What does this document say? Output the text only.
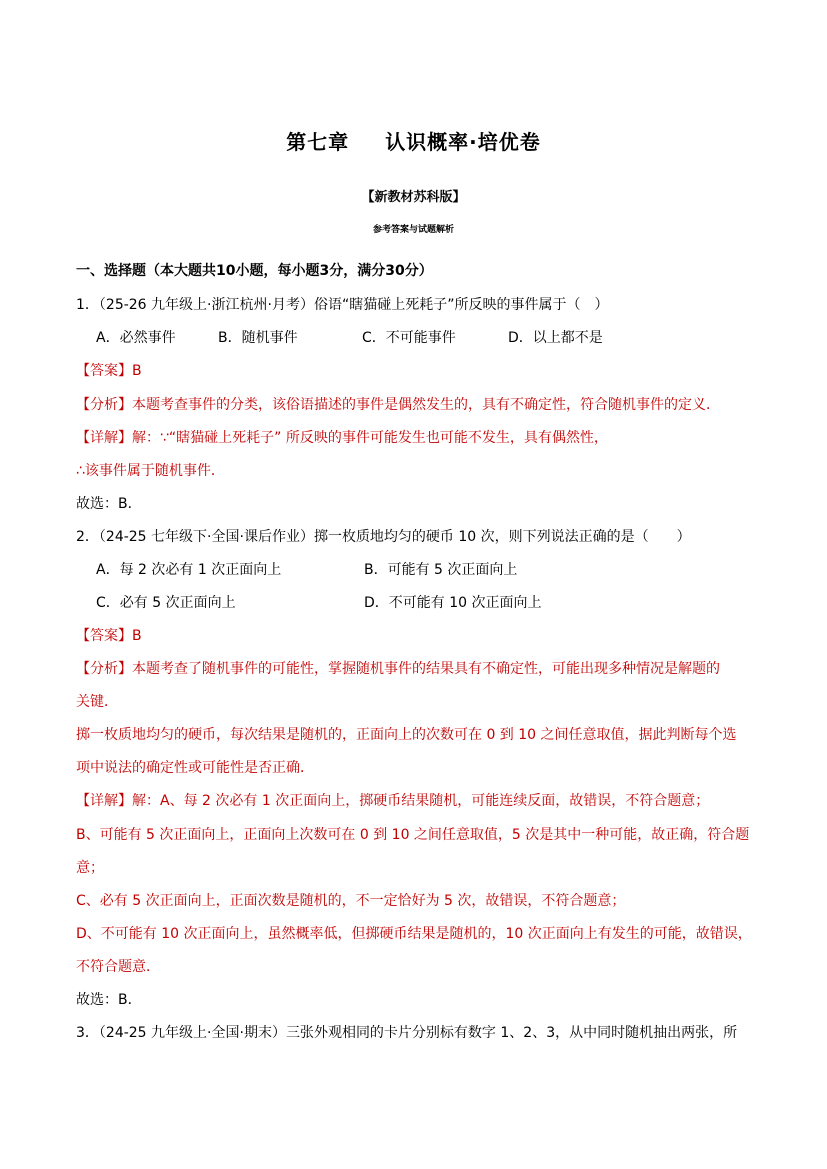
第七章 认识概率·培优卷
【新教材苏科版】
参考答案与试题解析
一、选择题（本大题共10小题，每小题3分，满分30分）
1．（25-26 九年级上·浙江杭州·月考）俗语“瞎猫碰上死耗子”所反映的事件属于（　）
A．必然事件	B．随机事件	C．不可能事件	D．以上都不是
【答案】B
【分析】本题考查事件的分类，该俗语描述的事件是偶然发生的，具有不确定性，符合随机事件的定义．
【详解】解：∵“瞎猫碰上死耗子” 所反映的事件可能发生也可能不发生，具有偶然性，
∴该事件属于随机事件．
故选：B．
2．（24-25 七年级下·全国·课后作业）掷一枚质地均匀的硬币 10 次，则下列说法正确的是（　　）
A．每 2 次必有 1 次正面向上	B．可能有 5 次正面向上
C．必有 5 次正面向上	D．不可能有 10 次正面向上
【答案】B
【分析】本题考查了随机事件的可能性，掌握随机事件的结果具有不确定性，可能出现多种情况是解题的
关键．
掷一枚质地均匀的硬币，每次结果是随机的，正面向上的次数可在 0 到 10 之间任意取值，据此判断每个选
项中说法的确定性或可能性是否正确．
【详解】解：A、每 2 次必有 1 次正面向上，掷硬币结果随机，可能连续反面，故错误，不符合题意；
B、可能有 5 次正面向上，正面向上次数可在 0 到 10 之间任意取值，5 次是其中一种可能，故正确，符合题
意；
C、必有 5 次正面向上，正面次数是随机的，不一定恰好为 5 次，故错误，不符合题意；
D、不可能有 10 次正面向上，虽然概率低，但掷硬币结果是随机的，10 次正面向上有发生的可能，故错误，
不符合题意．
故选：B．
3．（24-25 九年级上·全国·期末）三张外观相同的卡片分别标有数字 1、2、3，从中同时随机抽出两张，所
